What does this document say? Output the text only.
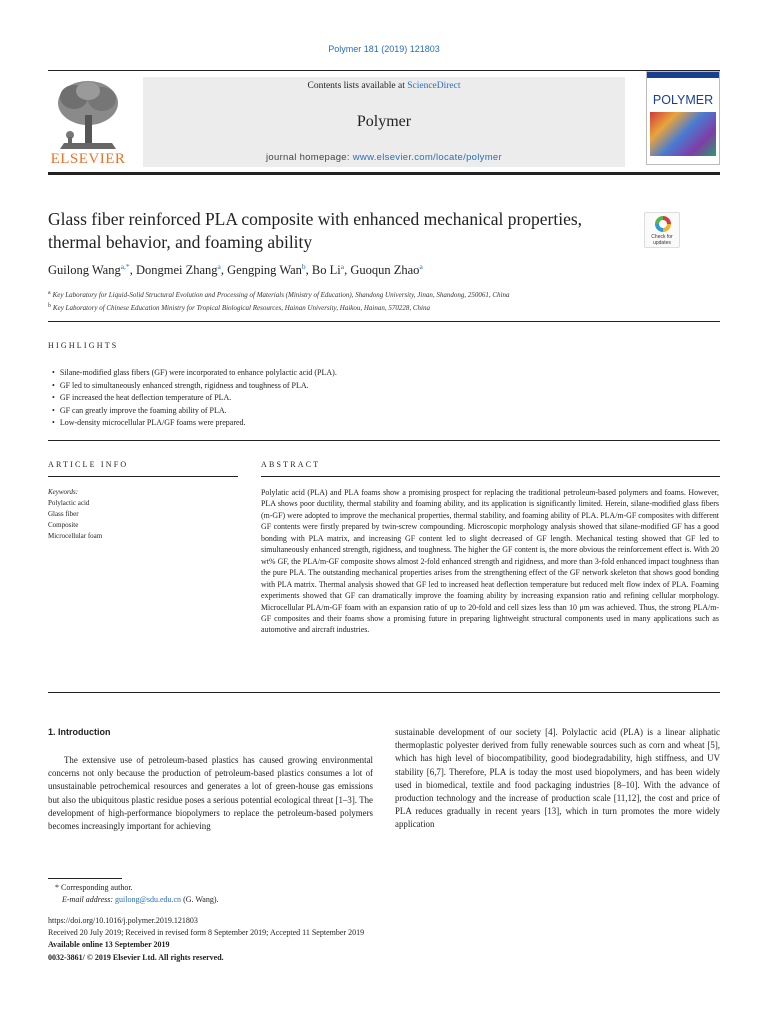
Polymer 181 (2019) 121803
ELSEVIER
Contents lists available at ScienceDirect
Polymer
journal homepage: www.elsevier.com/locate/polymer
POLYMER
Glass fiber reinforced PLA composite with enhanced mechanical properties, thermal behavior, and foaming ability	Check for updates
Guilong Wang$^{a,*}$, Dongmei Zhang$^a$, Gengping Wan$^b$, Bo Li$^a$, Guoqun Zhao$^a$
$^a$ Key Laboratory for Liquid-Solid Structural Evolution and Processing of Materials (Ministry of Education), Shandong University, Jinan, Shandong, 250061, China
$^b$ Key Laboratory of Chinese Education Ministry for Tropical Biological Resources, Hainan University, Haikou, Hainan, 570228, China
HIGHLIGHTS
• Silane-modified glass fibers (GF) were incorporated to enhance polylactic acid (PLA).
• GF led to simultaneously enhanced strength, rigidness and toughness of PLA.
• GF increased the heat deflection temperature of PLA.
• GF can greatly improve the foaming ability of PLA.
• Low-density microcellular PLA/GF foams were prepared.
ARTICLE INFO	ABSTRACT
Keywords:
Polylactic acid
Glass fiber
Composite
Microcellular foam
Polylatic acid (PLA) and PLA foams show a promising prospect for replacing the traditional petroleum-based polymers and foams. However, PLA shows poor ductility, thermal stability and foaming ability, and its application is significantly limited. Herein, silane-modified glass fibers (m-GF) were adopted to improve the mechanical properties, thermal stability, and foaming ability of PLA. PLA/m-GF composites with different GF contents were firstly prepared by twin-screw compounding. Microscopic morphology analysis showed that silane-modified GF has a good bonding with PLA matrix, and increasing GF content led to slight decreased of GF length. Mechanical testing showed that GF led to simultaneously enhanced strength, rigidness, and toughness. The higher the GF content is, the more obvious the reinforcement effect is. With 20 wt% GF, the PLA/m-GF composite shows almost 2-fold enhanced strength and rigidness, and more than 3-fold enhanced impact toughness than the pure PLA. The outstanding mechanical properties arises from the strengthening effect of the GF network skeleton that shows good bonding with PLA matrix. Thermal analysis showed that GF led to increased heat deflection temperature but reduced melt flow index of PLA. Foaming experiments showed that GF can dramatically improve the foaming ability by increasing expansion ratio and refining cellular morphology. Microcellular PLA/m-GF foam with an expansion ratio of up to 20-fold and cell sizes less than 10 μm was achieved. Thus, the strong PLA/m-GF composites and their foams show a promising future in preparing lightweight structural components used in many applications such as automotive and aircraft industries.
1. Introduction
The extensive use of petroleum-based plastics has caused growing environmental concerns not only because the production of petroleum-based plastics consumes a lot of unsustainable petrochemical resources and generates a lot of green-house gas emissions but also the ubiquitous plastic residue poses a serious potential ecological threat [1–3]. The development of high-performance biopolymers to replace the petroleum-based polymers becomes increasingly important for achieving
sustainable development of our society [4]. Polylactic acid (PLA) is a linear aliphatic thermoplastic polyester derived from fully renewable sources such as corn and wheat [5], which has high level of biocompatibility, good biodegradability, high stiffness, and UV stability [6,7]. Therefore, PLA is today the most used biopolymers, and has been widely used in biomedical, textile and food packaging industries [8–10]. With the advance of production technology and the increase of production scale [11,12], the cost and price of PLA reduces gradually in recent years [13], which in turn promotes the more widely application
* Corresponding author.
E-mail address: guilong@sdu.edu.cn (G. Wang).
https://doi.org/10.1016/j.polymer.2019.121803
Received 20 July 2019; Received in revised form 8 September 2019; Accepted 11 September 2019
Available online 13 September 2019
0032-3861/ © 2019 Elsevier Ltd. All rights reserved.
